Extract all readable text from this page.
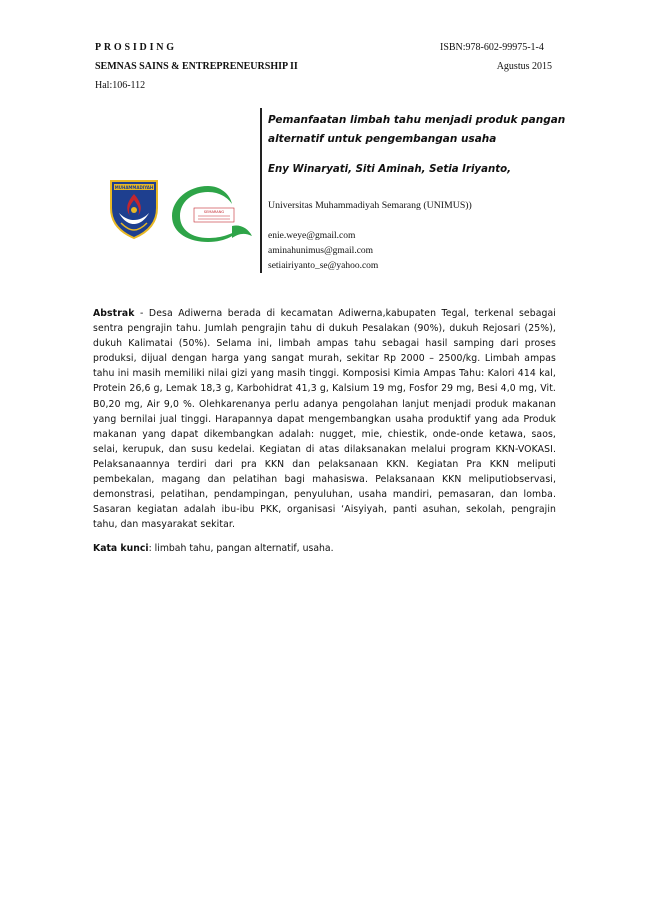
PROSIDING
SEMNAS SAINS & ENTREPRENEURSHIP II
Hal:106-112
ISBN:978-602-99975-1-4
Agustus 2015
MUHAMMADIYAH
SEMARANG
Pemanfaatan limbah tahu menjadi produk pangan alternatif untuk pengembangan usaha
Eny Winaryati, Siti Aminah, Setia Iriyanto,
Universitas Muhammadiyah Semarang (UNIMUS))
enie.weye@gmail.com
aminahunimus@gmail.com
setiairiyanto_se@yahoo.com
Abstrak - Desa Adiwerna berada di kecamatan Adiwerna,kabupaten Tegal, terkenal sebagai sentra pengrajin tahu. Jumlah pengrajin tahu di dukuh Pesalakan (90%), dukuh Rejosari (25%), dukuh Kalimatai (50%). Selama ini, limbah ampas tahu sebagai hasil samping dari proses produksi, dijual dengan harga yang sangat murah, sekitar Rp 2000 – 2500/kg. Limbah ampas tahu ini masih memiliki nilai gizi yang masih tinggi. Komposisi Kimia Ampas Tahu: Kalori 414 kal, Protein 26,6 g, Lemak 18,3 g, Karbohidrat 41,3 g, Kalsium 19 mg, Fosfor 29 mg, Besi 4,0 mg, Vit. B0,20 mg, Air 9,0 %. Olehkarenanya perlu adanya pengolahan lanjut menjadi produk makanan yang bernilai jual tinggi. Harapannya dapat mengembangkan usaha produktif yang ada Produk makanan yang dapat dikembangkan adalah: nugget, mie, chiestik, onde-onde ketawa, saos, selai, kerupuk, dan susu kedelai. Kegiatan di atas dilaksanakan melalui program KKN-VOKASI. Pelaksanaannya terdiri dari pra KKN dan pelaksanaan KKN. Kegiatan Pra KKN meliputi pembekalan, magang dan pelatihan bagi mahasiswa. Pelaksanaan KKN meliputiobservasi, demonstrasi, pelatihan, pendampingan, penyuluhan, usaha mandiri, pemasaran, dan lomba. Sasaran kegiatan adalah ibu-ibu PKK, organisasi ‘Aisyiyah, panti asuhan, sekolah, pengrajin tahu, dan masyarakat sekitar.
Kata kunci: limbah tahu, pangan alternatif, usaha.
